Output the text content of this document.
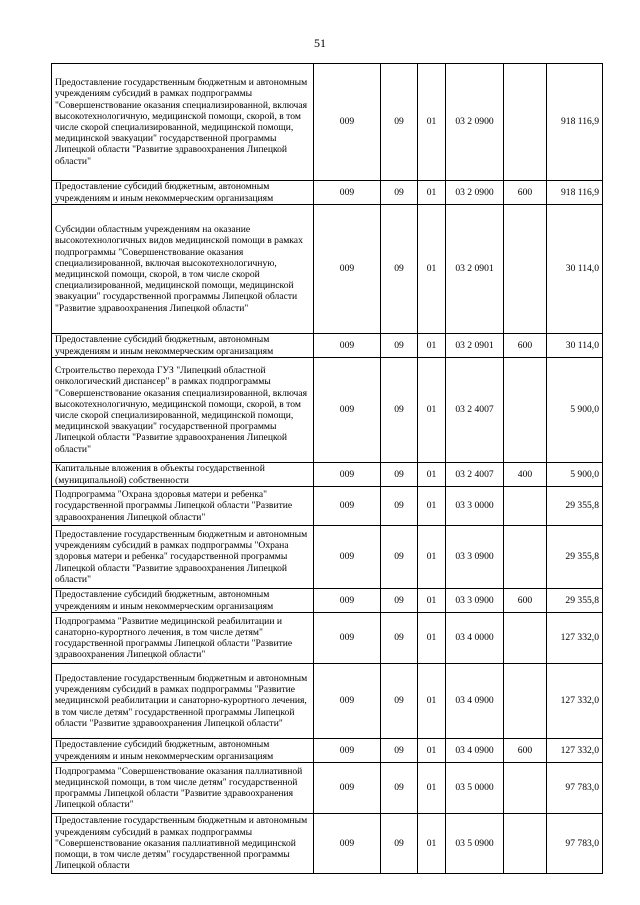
51
Предоставление государственным бюджетным и автономным учреждениям субсидий в рамках подпрограммы "Совершенствование оказания специализированной, включая высокотехнологичную, медицинской помощи, скорой, в том числе скорой специализированной, медицинской помощи, медицинской эвакуации" государственной программы Липецкой области "Развитие здравоохранения Липецкой области"	009	09	01	03 2 0900		918 116,9
Предоставление субсидий бюджетным, автономным учреждениям и иным некоммерческим организациям	009	09	01	03 2 0900	600	918 116,9
Субсидии областным учреждениям на оказание высокотехнологичных видов медицинской помощи в рамках подпрограммы "Совершенствование оказания специализированной, включая высокотехнологичную, медицинской помощи, скорой, в том числе скорой специализированной, медицинской помощи, медицинской эвакуации" государственной программы Липецкой области "Развитие здравоохранения Липецкой области"	009	09	01	03 2 0901		30 114,0
Предоставление субсидий бюджетным, автономным учреждениям и иным некоммерческим организациям	009	09	01	03 2 0901	600	30 114,0
Строительство перехода ГУЗ "Липецкий областной онкологический диспансер" в рамках подпрограммы "Совершенствование оказания специализированной, включая высокотехнологичную, медицинской помощи, скорой, в том числе скорой специализированной, медицинской помощи, медицинской эвакуации" государственной программы Липецкой области "Развитие здравоохранения Липецкой области"	009	09	01	03 2 4007		5 900,0
Капитальные вложения в объекты государственной (муниципальной) собственности	009	09	01	03 2 4007	400	5 900,0
Подпрограмма "Охрана здоровья матери и ребенка" государственной программы Липецкой области "Развитие здравоохранения Липецкой области"	009	09	01	03 3 0000		29 355,8
Предоставление государственным бюджетным и автономным учреждениям субсидий в рамках подпрограммы "Охрана здоровья матери и ребенка" государственной программы Липецкой области "Развитие здравоохранения Липецкой области"	009	09	01	03 3 0900		29 355,8
Предоставление субсидий бюджетным, автономным учреждениям и иным некоммерческим организациям	009	09	01	03 3 0900	600	29 355,8
Подпрограмма "Развитие медицинской реабилитации и санаторно-курортного лечения, в том числе детям" государственной программы Липецкой области "Развитие здравоохранения Липецкой области"	009	09	01	03 4 0000		127 332,0
Предоставление государственным бюджетным и автономным учреждениям субсидий в рамках подпрограммы "Развитие медицинской реабилитации и санаторно-курортного лечения, в том числе детям" государственной программы Липецкой области "Развитие здравоохранения Липецкой области"	009	09	01	03 4 0900		127 332,0
Предоставление субсидий бюджетным, автономным учреждениям и иным некоммерческим организациям	009	09	01	03 4 0900	600	127 332,0
Подпрограмма "Совершенствование оказания паллиативной медицинской помощи, в том числе детям" государственной программы Липецкой области "Развитие здравоохранения Липецкой области"	009	09	01	03 5 0000		97 783,0
Предоставление государственным бюджетным и автономным учреждениям субсидий в рамках подпрограммы "Совершенствование оказания паллиативной медицинской помощи, в том числе детям" государственной программы Липецкой области	009	09	01	03 5 0900		97 783,0
